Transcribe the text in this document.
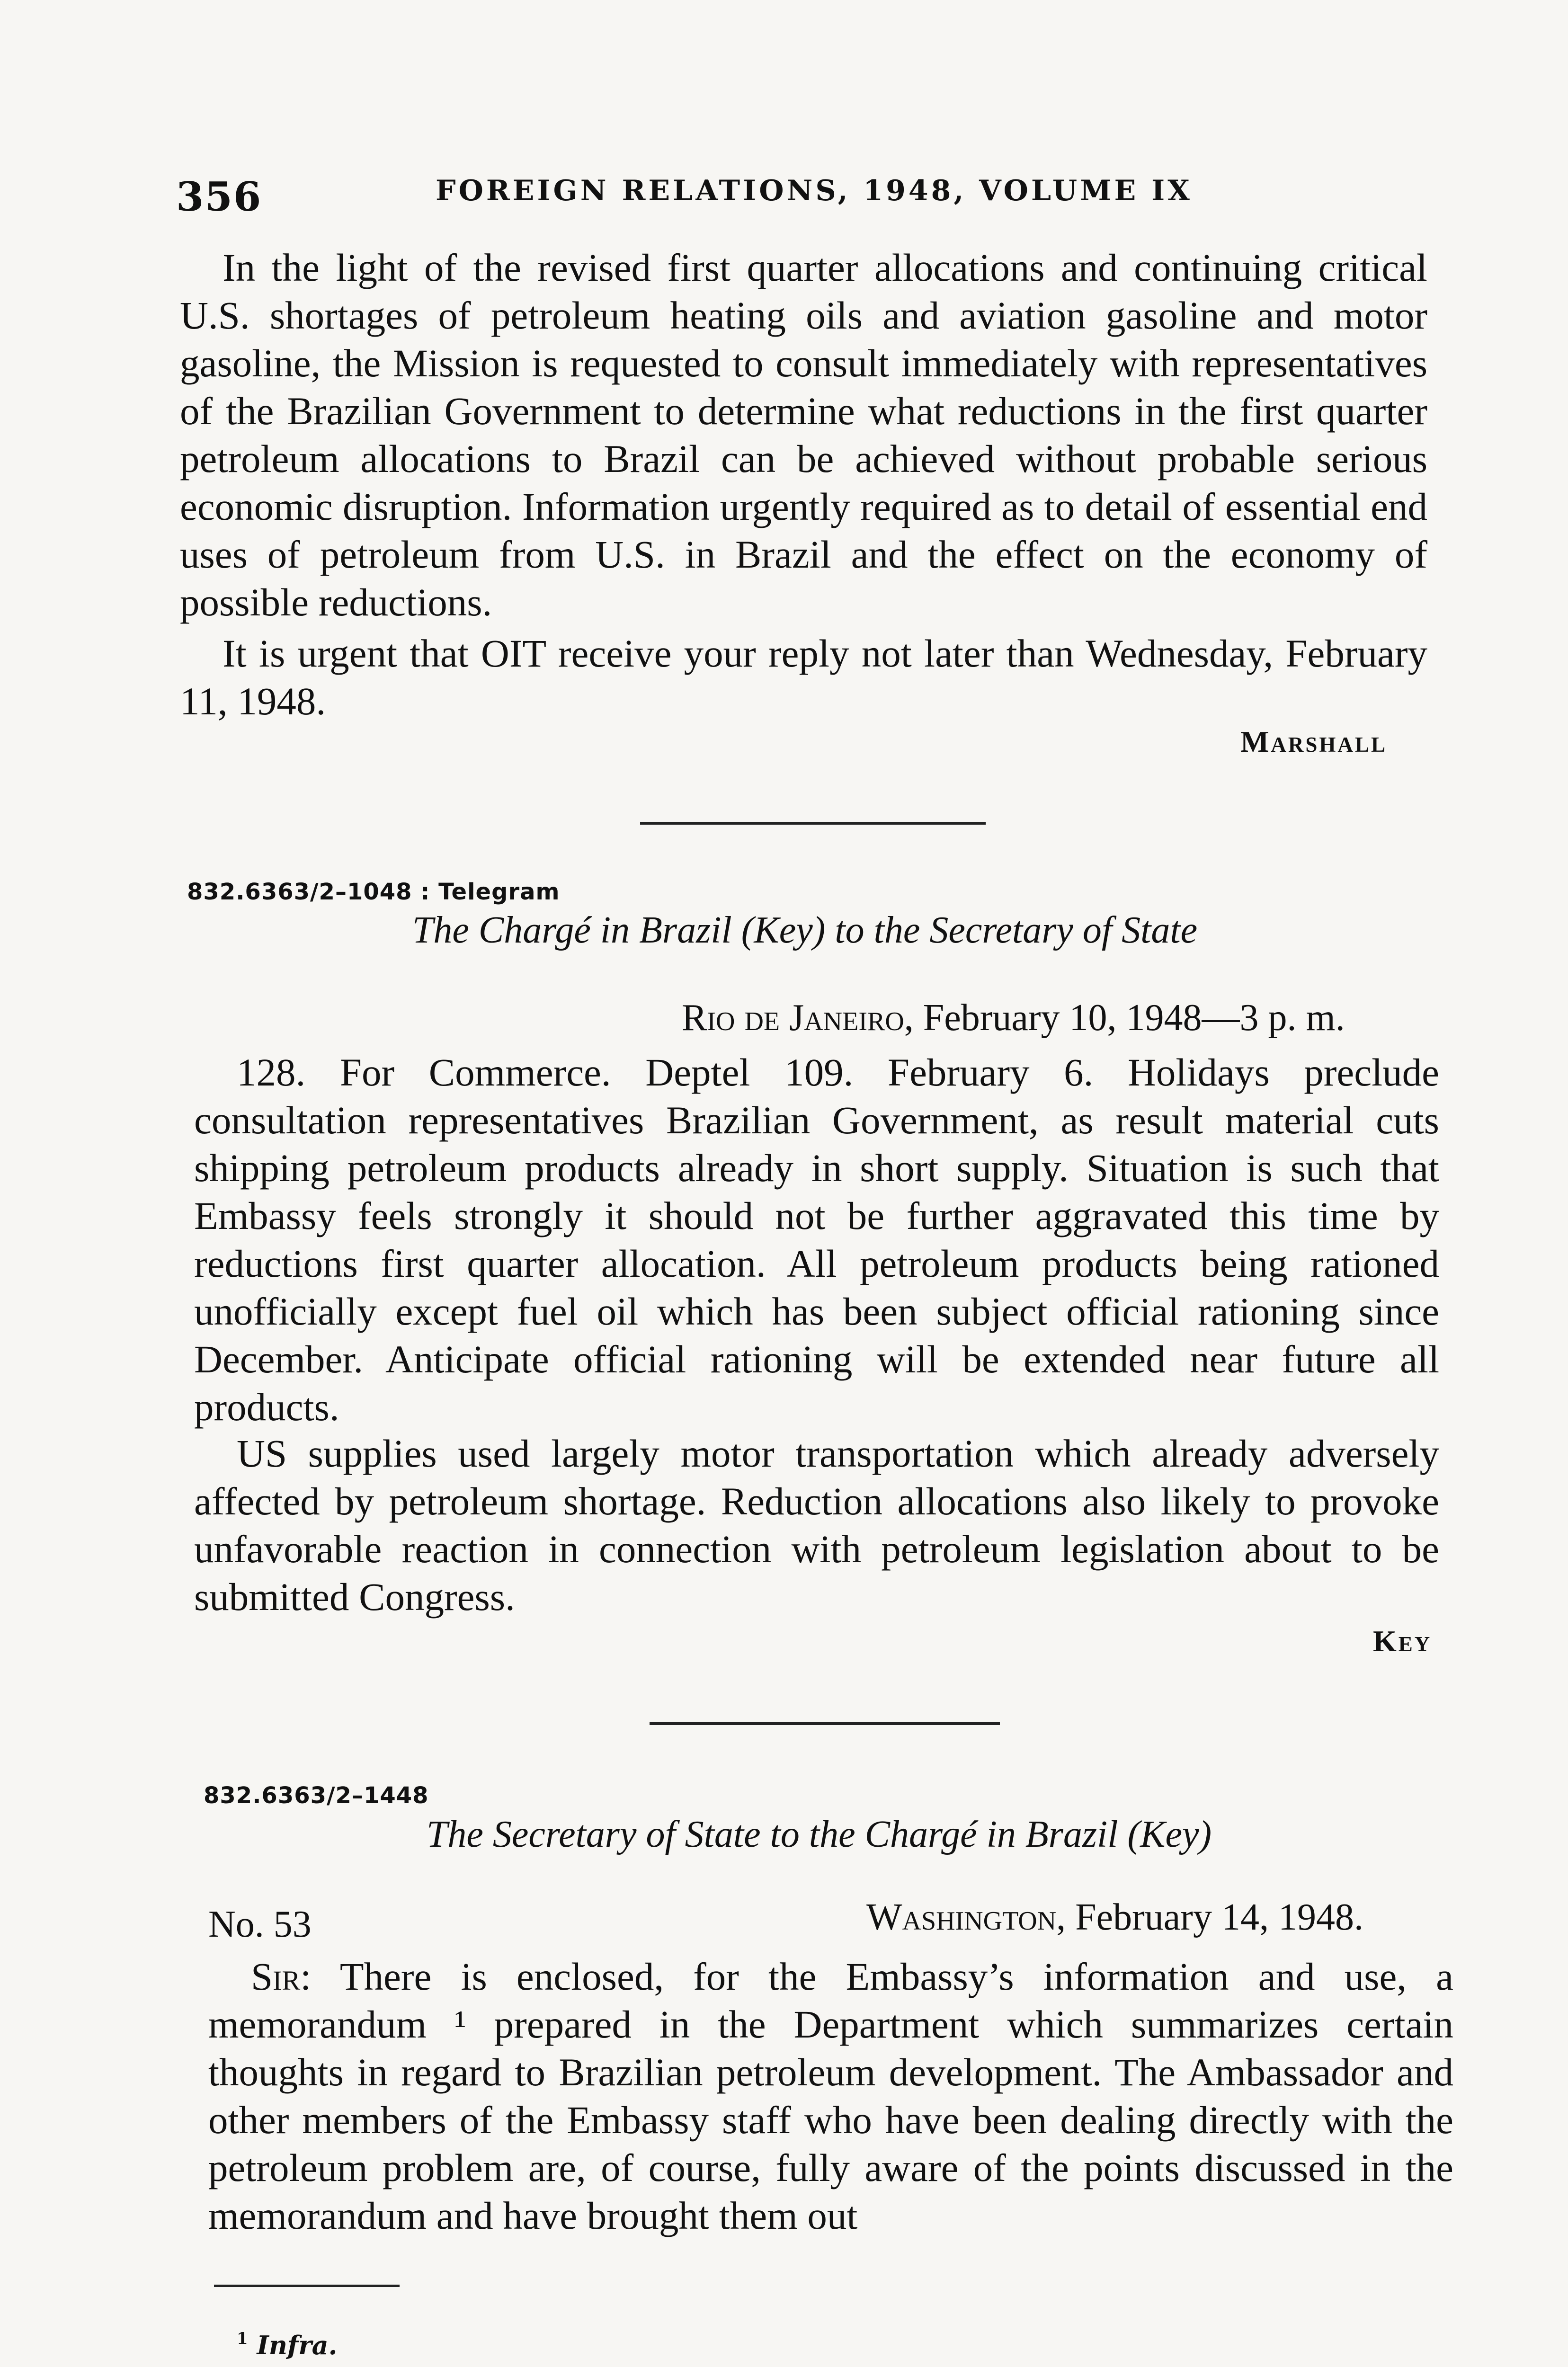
356	FOREIGN RELATIONS, 1948, VOLUME IX

In the light of the revised first quarter allocations and continuing critical U.S. shortages of petroleum heating oils and aviation gasoline and motor gasoline, the Mission is requested to consult immediately with representatives of the Brazilian Government to determine what reductions in the first quarter petroleum allocations to Brazil can be achieved without probable serious economic disruption. Information urgently required as to detail of essential end uses of petroleum from U.S. in Brazil and the effect on the economy of possible reductions.

It is urgent that OIT receive your reply not later than Wednesday, February 11, 1948.

Marshall
832.6363/2–1048 : Telegram
The Chargé in Brazil (Key) to the Secretary of State
Rio de Janeiro, February 10, 1948—3 p. m.

128. For Commerce. Deptel 109. February 6. Holidays preclude consultation representatives Brazilian Government, as result material cuts shipping petroleum products already in short supply. Situation is such that Embassy feels strongly it should not be further aggravated this time by reductions first quarter allocation. All petroleum products being rationed unofficially except fuel oil which has been subject official rationing since December. Anticipate official rationing will be extended near future all products.

US supplies used largely motor transportation which already adversely affected by petroleum shortage. Reduction allocations also likely to provoke unfavorable reaction in connection with petroleum legislation about to be submitted Congress.

Key
832.6363/2–1448
The Secretary of State to the Chargé in Brazil (Key)
No. 53	Washington, February 14, 1948.

Sir: There is enclosed, for the Embassy’s information and use, a memorandum ¹ prepared in the Department which summarizes certain thoughts in regard to Brazilian petroleum development. The Ambassador and other members of the Embassy staff who have been dealing directly with the petroleum problem are, of course, fully aware of the points discussed in the memorandum and have brought them out

$^1$ Infra.
